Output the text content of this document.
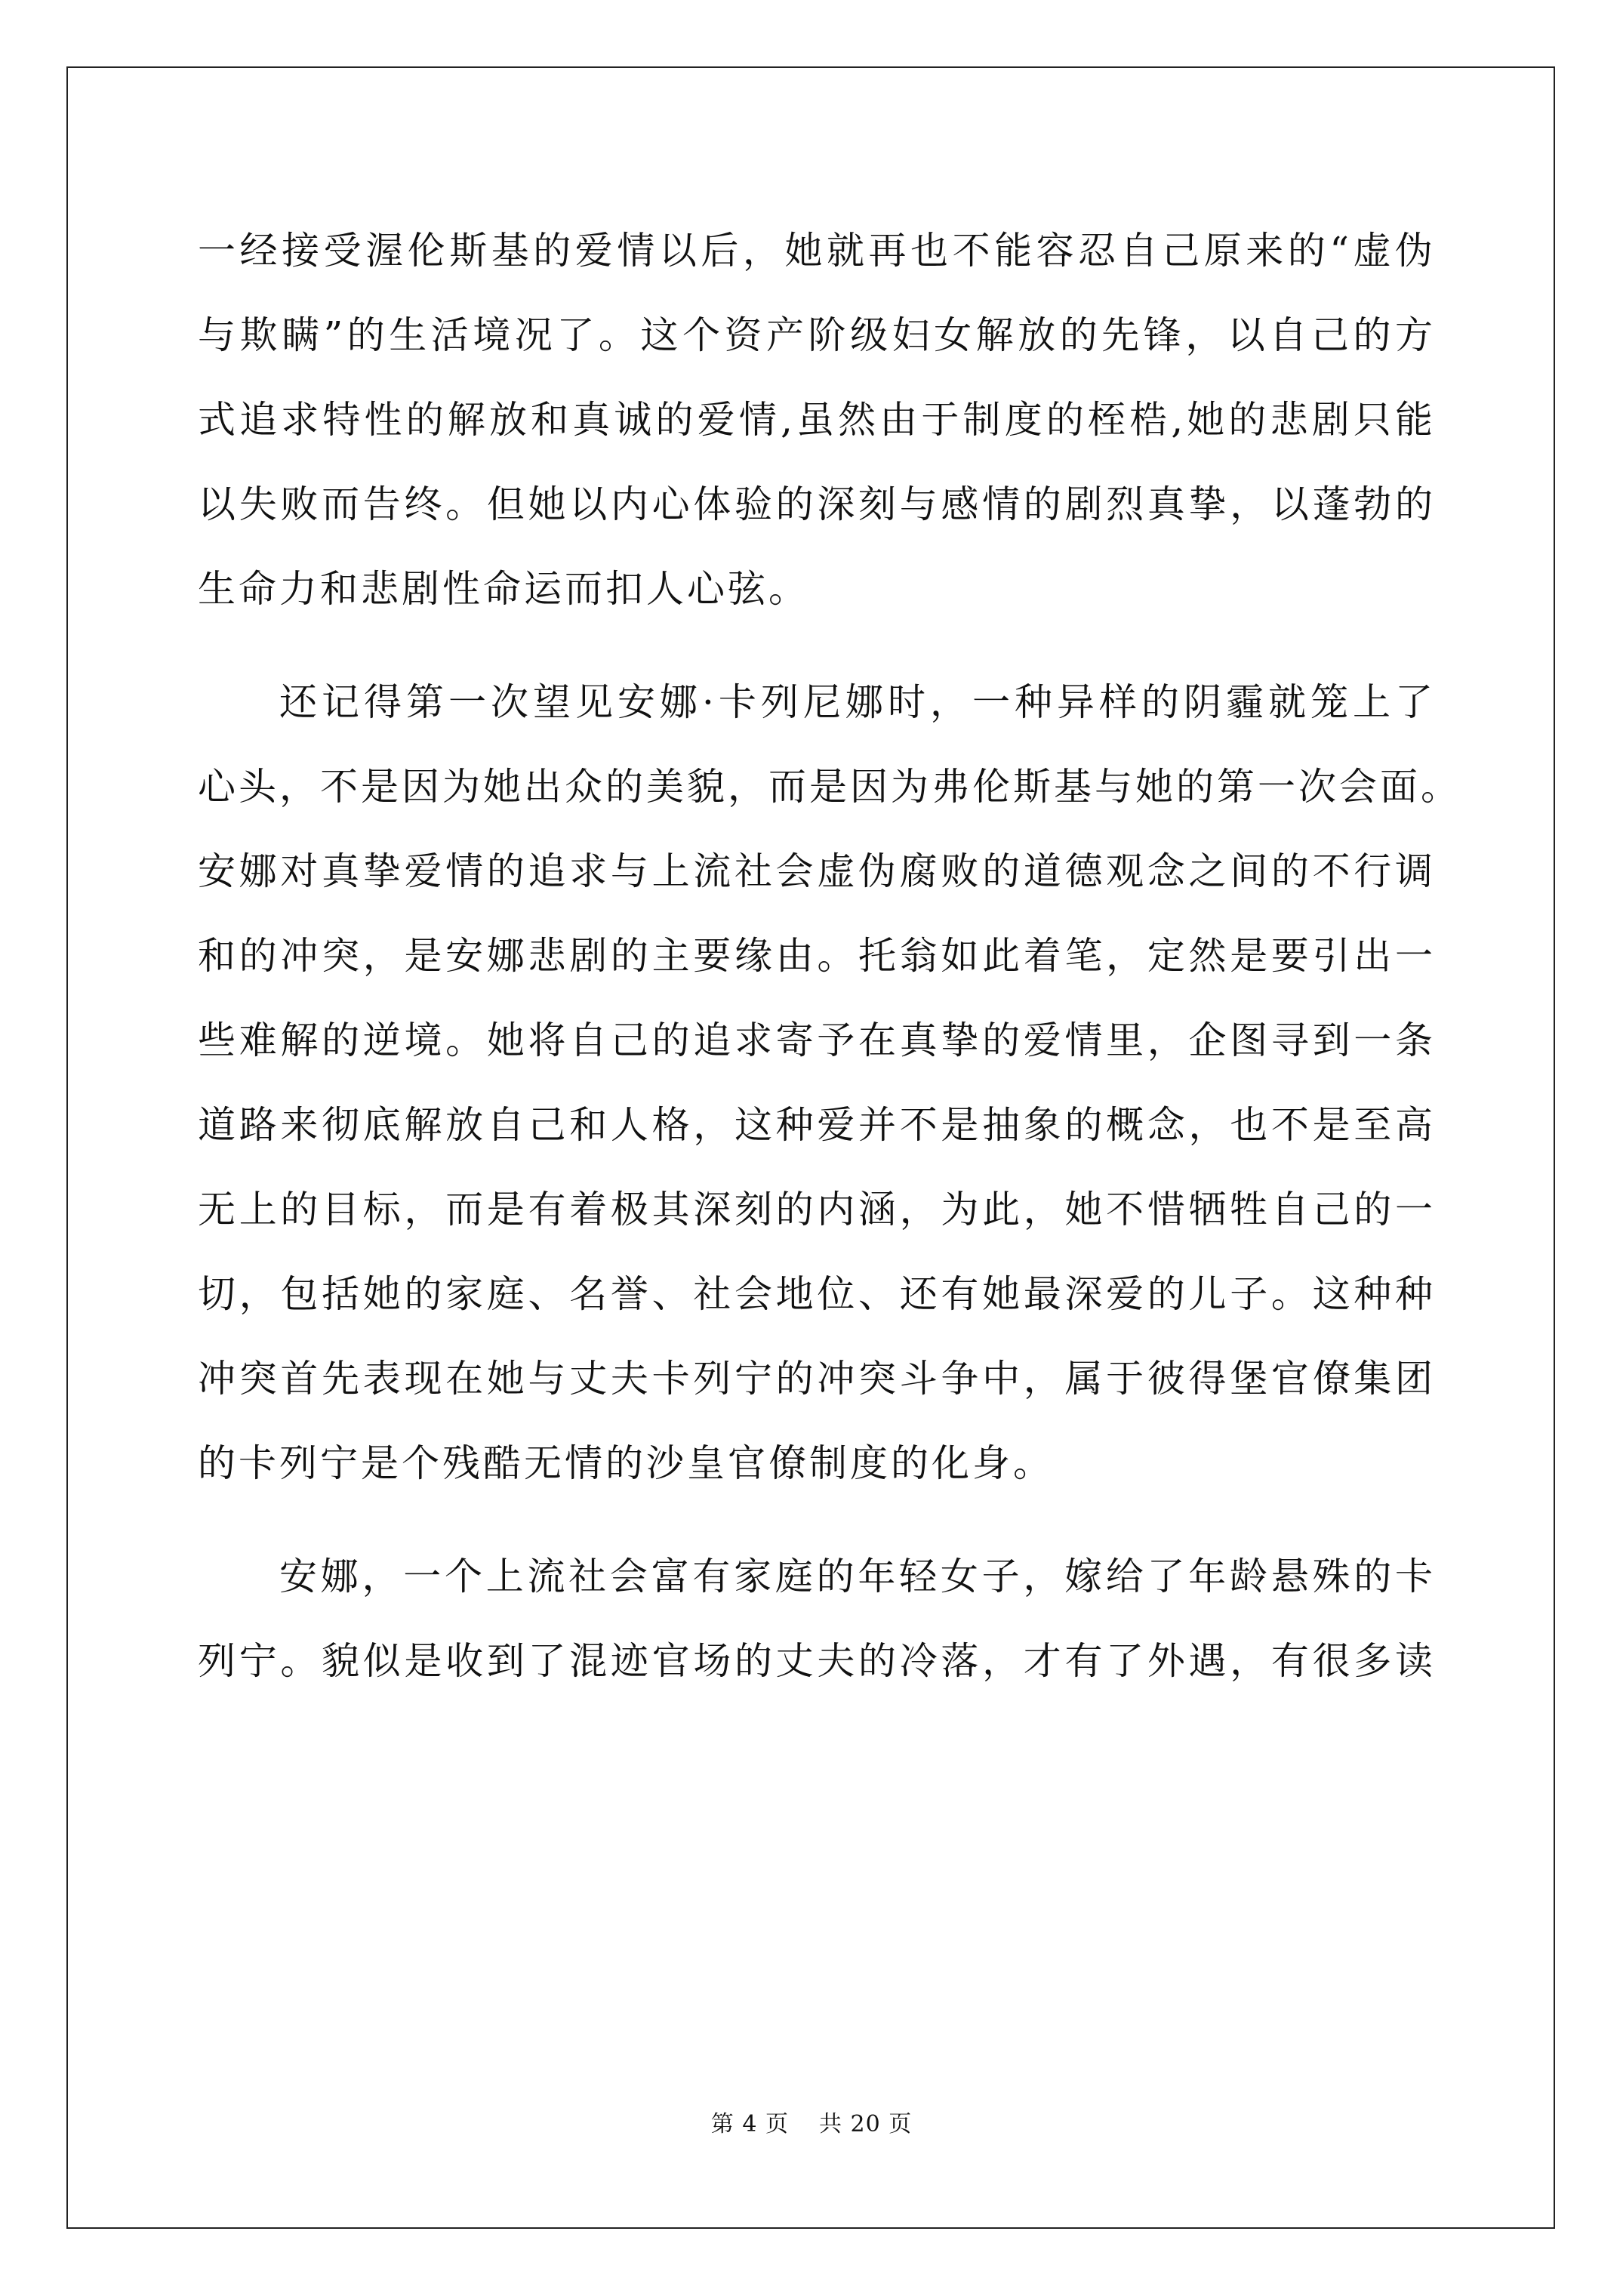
一经接受渥伦斯基的爱情以后，她就再也不能容忍自己原来的“虚伪
与欺瞒”的生活境况了。这个资产阶级妇女解放的先锋，以自己的方
式追求特性的解放和真诚的爱情,虽然由于制度的桎梏,她的悲剧只能
以失败而告终。但她以内心体验的深刻与感情的剧烈真挚，以蓬勃的
生命力和悲剧性命运而扣人心弦。
还记得第一次望见安娜·卡列尼娜时，一种异样的阴霾就笼上了
心头，不是因为她出众的美貌，而是因为弗伦斯基与她的第一次会面。
安娜对真挚爱情的追求与上流社会虚伪腐败的道德观念之间的不行调
和的冲突，是安娜悲剧的主要缘由。托翁如此着笔，定然是要引出一
些难解的逆境。她将自己的追求寄予在真挚的爱情里，企图寻到一条
道路来彻底解放自己和人格，这种爱并不是抽象的概念，也不是至高
无上的目标，而是有着极其深刻的内涵，为此，她不惜牺牲自己的一
切，包括她的家庭、名誉、社会地位、还有她最深爱的儿子。这种种
冲突首先表现在她与丈夫卡列宁的冲突斗争中，属于彼得堡官僚集团
的卡列宁是个残酷无情的沙皇官僚制度的化身。
安娜，一个上流社会富有家庭的年轻女子，嫁给了年龄悬殊的卡
列宁。貌似是收到了混迹官场的丈夫的冷落，才有了外遇，有很多读
第 4 页 共 20 页
